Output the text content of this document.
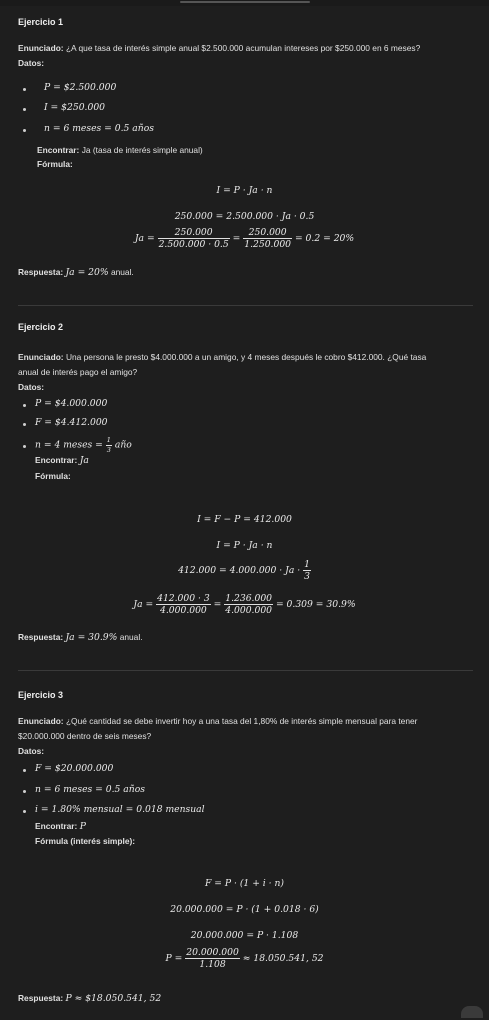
Ejercicio 1
Enunciado: ¿A que tasa de interés simple anual $2.500.000 acumulan intereses por $250.000 en 6 meses?
Datos:
P = $2.500.000
I = $250.000
n = 6 meses = 0.5 años
Encontrar: Ja (tasa de interés simple anual)
Fórmula:
I = P · Ja · n
250.000 = 2.500.000 · Ja · 0.5
$Ja = \frac{250.000}{2.500.000 \cdot 0.5} = \frac{250.000}{1.250.000} = 0.2 = 20\%$
Respuesta: Ja = 20% anual.
Ejercicio 2
Enunciado: Una persona le presto $4.000.000 a un amigo, y 4 meses después le cobro $412.000. ¿Qué tasa
anual de interés pago el amigo?
Datos:
P = $4.000.000
F = $4.412.000
n = 4 meses = $\frac{1}{3}$ año
Encontrar: Ja
Fórmula:
I = F − P = 412.000
I = P · Ja · n
$412.000 = 4.000.000 \cdot Ja \cdot \frac{1}{3}$
$Ja = \frac{412.000 \cdot 3}{4.000.000} = \frac{1.236.000}{4.000.000} = 0.309 = 30.9\%$
Respuesta: Ja = 30.9% anual.
Ejercicio 3
Enunciado: ¿Qué cantidad se debe invertir hoy a una tasa del 1,80% de interés simple mensual para tener
$20.000.000 dentro de seis meses?
Datos:
F = $20.000.000
n = 6 meses = 0.5 años
i = 1.80% mensual = 0.018 mensual
Encontrar: P
Fórmula (interés simple):
F = P · (1 + i · n)
20.000.000 = P · (1 + 0.018 · 6)
20.000.000 = P · 1.108
$P = \frac{20.000.000}{1.108} \approx 18.050.541$, 52
Respuesta: P ≈ $18.050.541, 52
